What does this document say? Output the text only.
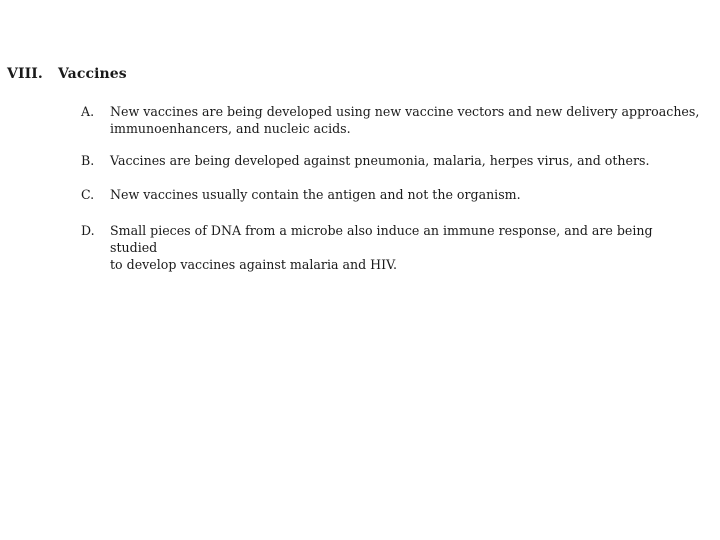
VIII. Vaccines
A.	New vaccines are being developed using new vaccine vectors and new delivery approaches,
immunoenhancers, and nucleic acids.
B.	Vaccines are being developed against pneumonia, malaria, herpes virus, and others.
C.	New vaccines usually contain the antigen and not the organism.
D.	Small pieces of DNA from a microbe also induce an immune response, and are being studied
to develop vaccines against malaria and HIV.
